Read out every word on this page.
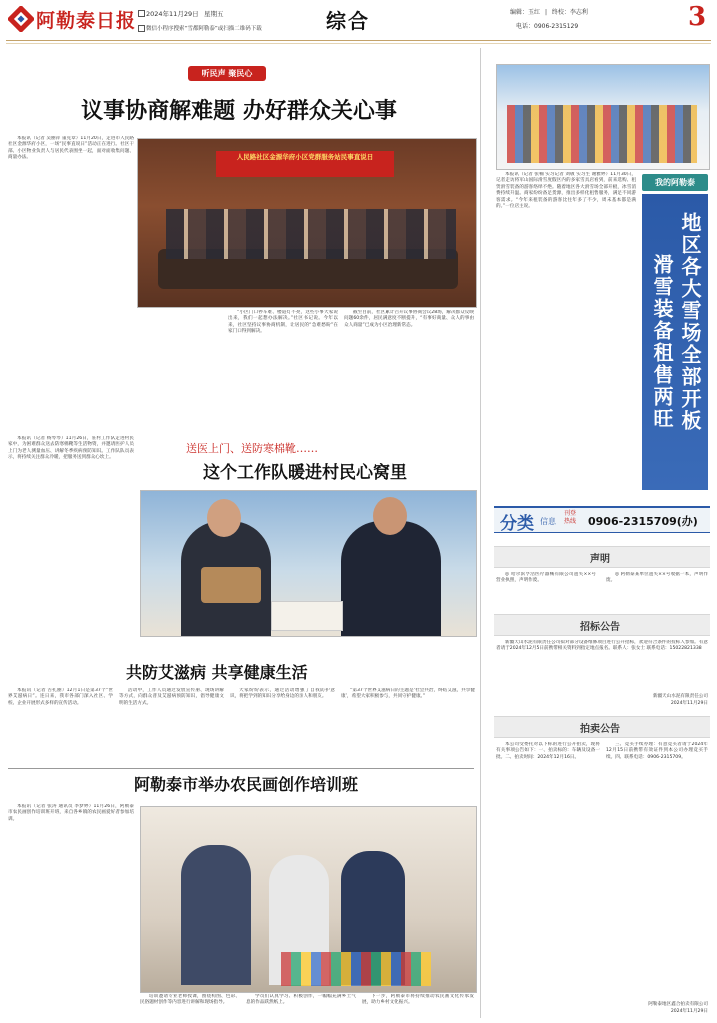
阿勒泰日报 2024年11月29日 星期五
微信小程序搜索“雪都阿勒泰”或扫描二维码下载	综合	编辑：玉红 | 终校：李志利
电话：0906-2315129	3
听民声 聚民心
议事协商解难题 办好群众关心事

本报讯（记者 吴丽萍 董克章）11月20日，走进市人民路社区金源华府小区，一场“民事直说日”活动正在进行。社区干部、小区物业负责人与居民代表围坐一起，面对面收集问题、商量办法。	人民路社区金源华府小区党群服务站民事直说日

“小区门口停车难、楼道灯不亮，这些小事大家说出来，我们一起想办法解决。”社区书记说。今年以来，社区坚持议事协商机制，让居民的“急难愁盼”在家门口得到解决。

截至目前，社区累计召开议事协商会议28场，解决群众反映问题60余件，居民满意度不断提升，“有事好商量、众人的事由众人商量”已成为小区治理新常态。

本报讯（记者 杨琴琴）11月26日，驻村工作队走进村民家中，为困难群众送去防寒棉靴等生活物资，并邀请医护人员上门为老人测量血压、讲解冬季疾病预防知识。工作队队员表示，将持续关注群众冷暖，把服务送到群众心坎上。

送医上门、送防寒棉靴……
这个工作队暖进村民心窝里
共防艾滋病 共享健康生活

本报讯（记者 古扎丽）12月1日是第37个“世界艾滋病日”。连日来，我市各部门深入社区、学校、企业开展形式多样的宣传活动。

活动中，工作人员通过发放宣传册、现场讲解等方式，向群众普及艾滋病预防知识，倡导健康文明的生活方式。

大家纷纷表示，通过活动增强了自我防护意识，将把学到的知识分享给身边的亲人和朋友。

“第37个世界艾滋病日的主题是‘社会共治，终结艾滋，共享健康’，希望大家积极参与，共同守护健康。”

阿勒泰市举办农民画创作培训班

本报讯（记者 张涛 通讯员 李梦婷）11月26日，阿勒泰市农民画创作培训班开班，来自各乡镇的农民画爱好者参加培训。

培训邀请专业老师授课，围绕构图、色彩、民俗题材创作等内容进行讲解和现场指导。

学员们认真学习、积极创作，一幅幅充满乡土气息的作品跃然纸上。

下一步，阿勒泰市将持续推动农民画文化传承发展，助力乡村文化振兴。

本报讯（记者 张楠 实习记者 刘敬 实习生 谢雅婷）11月30日，记者走访将军山国际滑雪度假区内的多家雪具店看到，前来选购、租赁滑雪装备的游客络绎不绝。随着地区各大滑雪场全部开板，冰雪消费持续升温。商家纷纷备足货源，推出多样化租售服务，满足不同游客需求。“今年来租装备的游客比往年多了不少，周末基本都是满的。”一位店主说。

我的阿勒泰
地区各大雪场全部开板
滑雪装备租售两旺
分类 信息
刊登热线	0906-2315709(办)
声明

◎ 哈尔滨亨浩医疗器械有限公司遗失××号营业执照，声明作废。

◎ 阿勒泰某单位遗失××号收据一本，声明作废。

招标公告

新疆天山水泥有限责任公司拟对部分设备维修项目进行公开招标，欢迎符合条件的投标人参加。有意者请于2024年12月5日前携带相关资料到指定地点报名。联系人：张女士 联系电话：15022821338

新疆天山水泥有限责任公司
2024年11月29日
拍卖公告

本公司受委托对以下标的进行公开拍卖，现将有关事项公告如下：一、拍卖标的：车辆及设备一批。二、拍卖时间：2024年12月16日。

三、竞买手续办理：有意竞买者请于2024年12月15日前携带有效证件到本公司办理竞买手续。四、联系电话：0906-2315709。

阿勒泰地区鑫合拍卖有限公司
2024年11月29日
